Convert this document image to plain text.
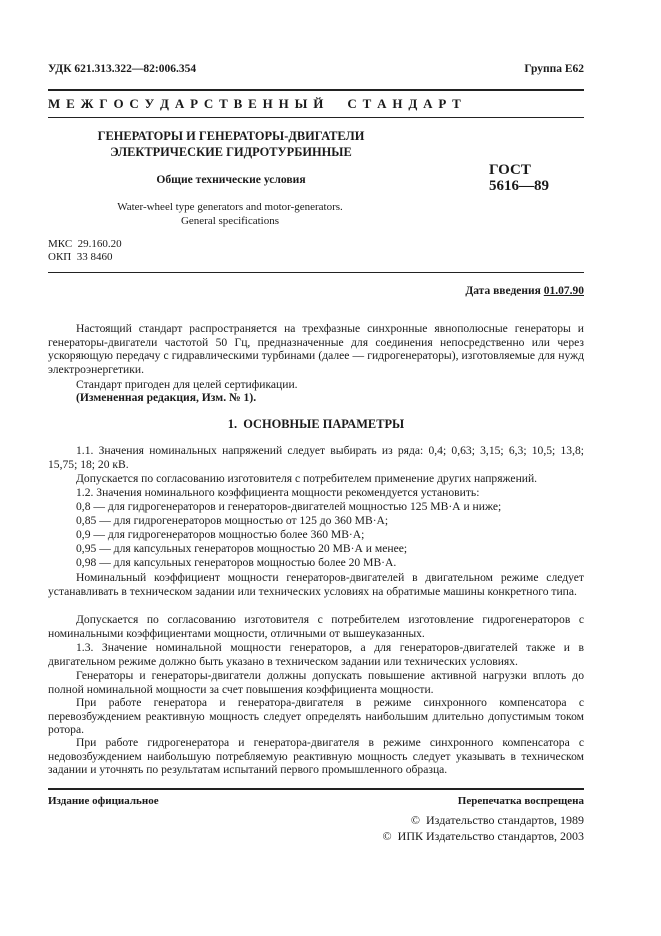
УДК 621.313.322—82:006.354	Группа Е62
М Е Ж Г О С У Д А Р С Т В Е Н Н Ы Й     С Т А Н Д А Р Т
ГЕНЕРАТОРЫ И ГЕНЕРАТОРЫ-ДВИГАТЕЛИ
ЭЛЕКТРИЧЕСКИЕ ГИДРОТУРБИННЫЕ
Общие технические условия
Water-wheel type generators and motor-generators.
General specifications
ГОСТ
5616—89
МКС  29.160.20
ОКП  33 8460
Дата введения 01.07.90
Настоящий стандарт распространяется на трехфазные синхронные явнополюсные генераторы и генераторы-двигатели частотой 50 Гц, предназначенные для соединения непосредственно или через ускоряющую передачу с гидравлическими турбинами (далее — гидрогенераторы), изготовляемые для нужд электроэнергетики.
Стандарт пригоден для целей сертификации.
(Измененная редакция, Изм. № 1).
1.  ОСНОВНЫЕ ПАРАМЕТРЫ
1.1. Значения номинальных напряжений следует выбирать из ряда: 0,4; 0,63; 3,15; 6,3; 10,5; 13,8; 15,75; 18; 20 кВ.
Допускается по согласованию изготовителя с потребителем применение других напряжений.
1.2. Значения номинального коэффициента мощности рекомендуется установить:
0,8 — для гидрогенераторов и генераторов-двигателей мощностью 125 МВ·А и ниже;
0,85 — для гидрогенераторов мощностью от 125 до 360 МВ·А;
0,9 — для гидрогенераторов мощностью более 360 МВ·А;
0,95 — для капсульных генераторов мощностью 20 МВ·А и менее;
0,98 — для капсульных генераторов мощностью более 20 МВ·А.
Номинальный коэффициент мощности генераторов-двигателей в двигательном режиме следует устанавливать в техническом задании или технических условиях на обратимые машины конкретного типа.
Допускается по согласованию изготовителя с потребителем изготовление гидрогенераторов с номинальными коэффициентами мощности, отличными от вышеуказанных.
1.3. Значение номинальной мощности генераторов, а для генераторов-двигателей также и в двигательном режиме должно быть указано в техническом задании или технических условиях.
Генераторы и генераторы-двигатели должны допускать повышение активной нагрузки вплоть до полной номинальной мощности за счет повышения коэффициента мощности.
При работе генератора и генератора-двигателя в режиме синхронного компенсатора с перевозбуждением реактивную мощность следует определять наибольшим длительно допустимым током ротора.
При работе гидрогенератора и генератора-двигателя в режиме синхронного компенсатора с недовозбуждением наибольшую потребляемую реактивную мощность следует указывать в техническом задании и уточнять по результатам испытаний первого промышленного образца.
Издание официальное	Перепечатка воспрещена
©  Издательство стандартов, 1989
©  ИПК Издательство стандартов, 2003
